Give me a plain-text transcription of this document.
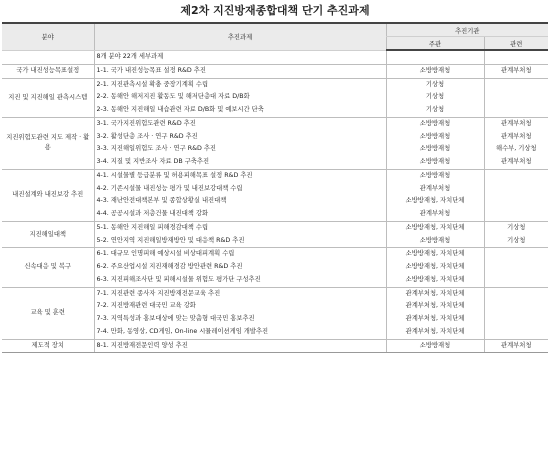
제2차 지진방재종합대책 단기 추진과제
분야	추진과제	추진기관	
		주관	관련
	8개 분야 22개 세부과제		
국가 내진성능목표설정	1-1. 국가 내진성능목표 설정 R&D 추진	소방방재청	관계부처청
지진 및 지진해일 관측시스템	2-1. 지진관측시설 확충 중장기계획 수립	기상청	
	2-2. 동해안 해저지진 활동도 및 해저단층대 자료 D/B화	기상청	
	2-3. 동해안 지진해일 내습관련 자료 D/B화 및 예보시간 단축	기상청	
지진위험도관련 지도 제작 · 활용	3-1. 국가지진위험도관련 R&D 추진	소방방재청	관계부처청
	3-2. 활성단층 조사 · 연구 R&D 추진	소방방재청	관계부처청
	3-3. 지진해일위험도 조사 · 연구 R&D 추진	소방방재청	해수부, 기상청
	3-4. 지질 및 지반조사 자료 DB 구축추진	소방방재청	관계부처청
내진설계와 내진보강 추진	4-1. 시설물별 등급분류 및 허용피해목표 설정 R&D 추진	소방방재청	
	4-2. 기존시설물 내진성능 평가 및 내진보강대책 수립	관계부처청	
	4-3. 재난안전대책본부 및 종합상황실 내진대책	소방방재청, 자치단체	
	4-4. 공공시설과 저층건물 내진대책 강화	관계부처청	
지진해일대책	5-1. 동해안 지진해일 피해경감대책 수립	소방방재청, 자치단체	기상청
	5-2. 연안지역 지진해일방재방안 및 대응책 R&D 추진	소방방재청	기상청
신속대응 및 복구	6-1. 대규모 인명피해 예상시설 비상대피계획 수립	소방방재청, 자치단체	
	6-2. 주요산업시설 지진재해경감 방안관련 R&D 추진	소방방재청, 자치단체	
	6-3. 지진피해조사단 및 피해시설물 위험도 평가단 구성추진	소방방재청, 자치단체	
교육 및 훈련	7-1. 지진관련 종사자 지진방재전문교육 추진	관계부처청, 자치단체	
	7-2. 지진방재관련 대국민 교육 강화	관계부처청, 자치단체	
	7-3. 지역특성과 홍보대상에 맞는 맞춤형 대국민 홍보추진	관계부처청, 자치단체	
	7-4. 만화, 동영상, CD게임, On-line 시뮬레이션게임 개발추진	관계부처청, 자치단체	
제도적 장치	8-1. 지진방재전문인력 양성 추진	소방방재청	관계부처청
